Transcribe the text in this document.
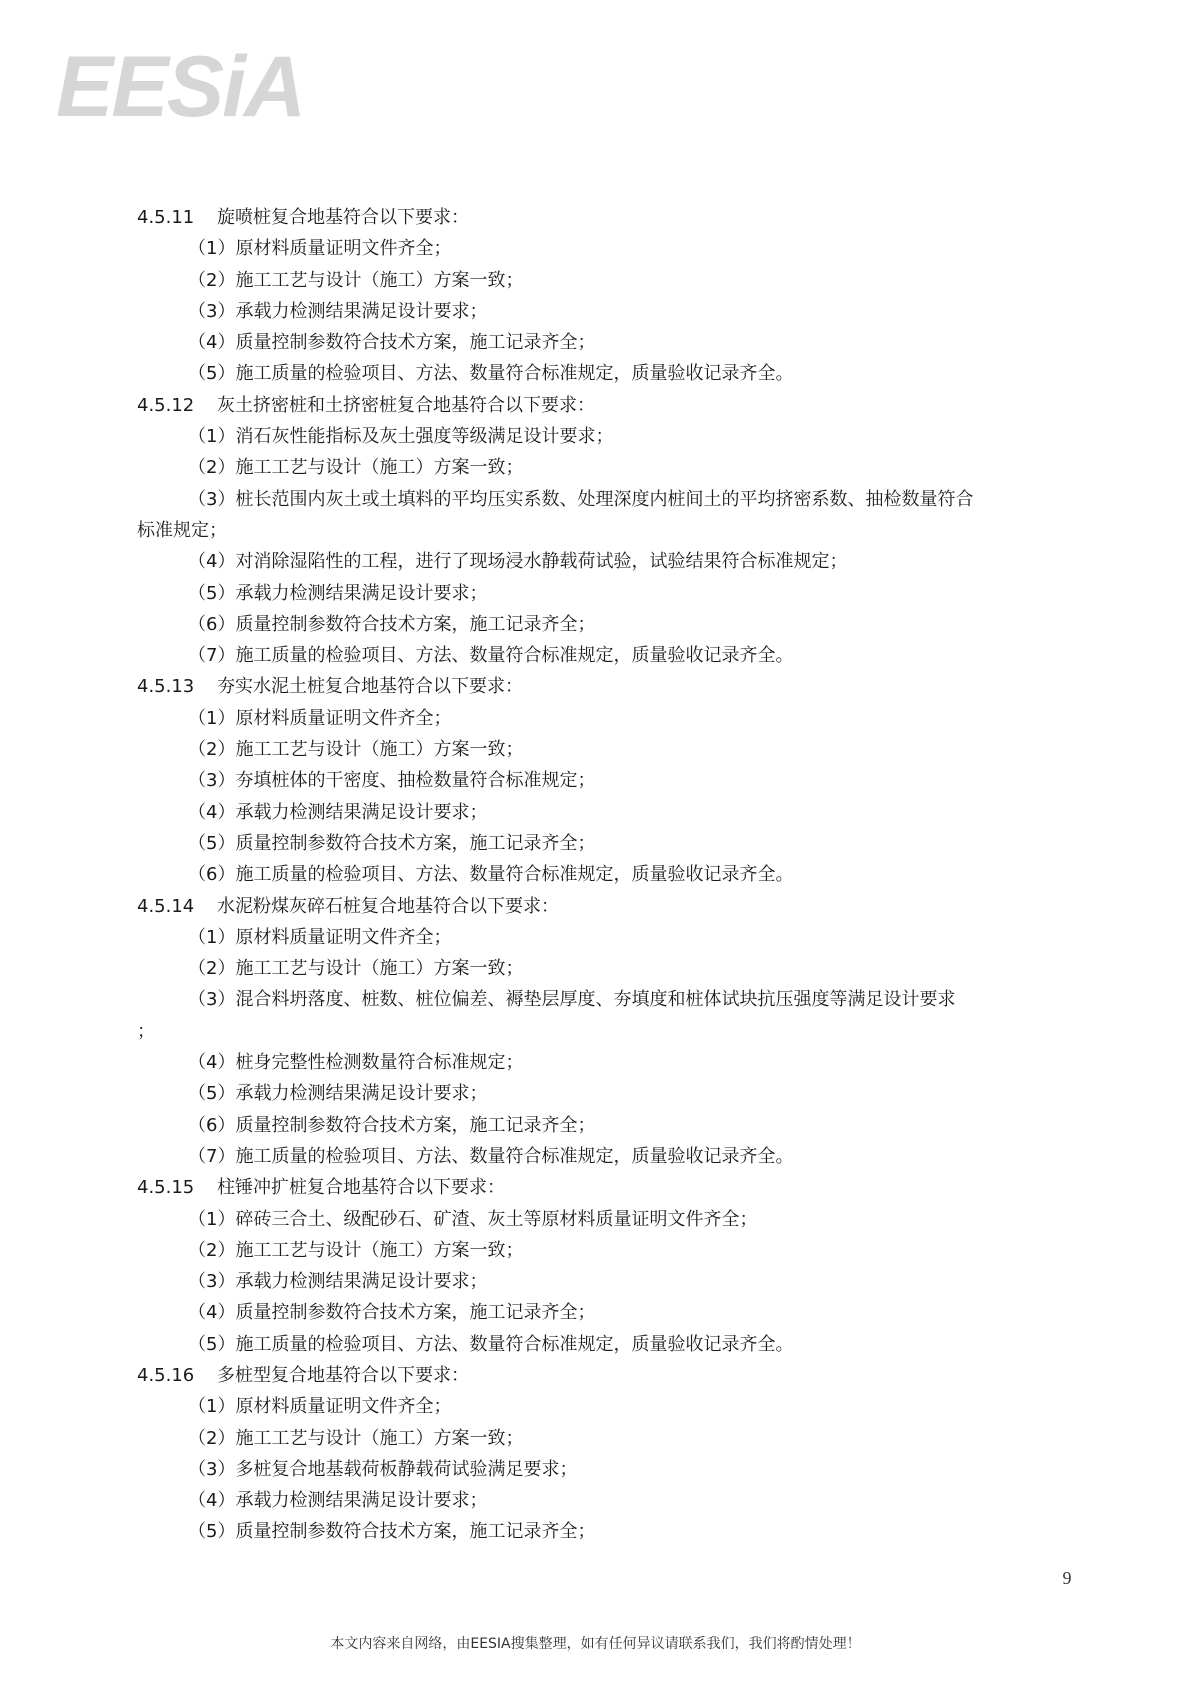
EESiA
4.5.11 旋喷桩复合地基符合以下要求：
（1）原材料质量证明文件齐全；
（2）施工工艺与设计（施工）方案一致；
（3）承载力检测结果满足设计要求；
（4）质量控制参数符合技术方案，施工记录齐全；
（5）施工质量的检验项目、方法、数量符合标准规定，质量验收记录齐全。
4.5.12 灰土挤密桩和土挤密桩复合地基符合以下要求：
（1）消石灰性能指标及灰土强度等级满足设计要求；
（2）施工工艺与设计（施工）方案一致；
（3）桩长范围内灰土或土填料的平均压实系数、处理深度内桩间土的平均挤密系数、抽检数量符合
标准规定；
（4）对消除湿陷性的工程，进行了现场浸水静载荷试验，试验结果符合标准规定；
（5）承载力检测结果满足设计要求；
（6）质量控制参数符合技术方案，施工记录齐全；
（7）施工质量的检验项目、方法、数量符合标准规定，质量验收记录齐全。
4.5.13 夯实水泥土桩复合地基符合以下要求：
（1）原材料质量证明文件齐全；
（2）施工工艺与设计（施工）方案一致；
（3）夯填桩体的干密度、抽检数量符合标准规定；
（4）承载力检测结果满足设计要求；
（5）质量控制参数符合技术方案，施工记录齐全；
（6）施工质量的检验项目、方法、数量符合标准规定，质量验收记录齐全。
4.5.14 水泥粉煤灰碎石桩复合地基符合以下要求：
（1）原材料质量证明文件齐全；
（2）施工工艺与设计（施工）方案一致；
（3）混合料坍落度、桩数、桩位偏差、褥垫层厚度、夯填度和桩体试块抗压强度等满足设计要求
；
（4）桩身完整性检测数量符合标准规定；
（5）承载力检测结果满足设计要求；
（6）质量控制参数符合技术方案，施工记录齐全；
（7）施工质量的检验项目、方法、数量符合标准规定，质量验收记录齐全。
4.5.15 柱锤冲扩桩复合地基符合以下要求：
（1）碎砖三合土、级配砂石、矿渣、灰土等原材料质量证明文件齐全；
（2）施工工艺与设计（施工）方案一致；
（3）承载力检测结果满足设计要求；
（4）质量控制参数符合技术方案，施工记录齐全；
（5）施工质量的检验项目、方法、数量符合标准规定，质量验收记录齐全。
4.5.16 多桩型复合地基符合以下要求：
（1）原材料质量证明文件齐全；
（2）施工工艺与设计（施工）方案一致；
（3）多桩复合地基载荷板静载荷试验满足要求；
（4）承载力检测结果满足设计要求；
（5）质量控制参数符合技术方案，施工记录齐全；
9
本文内容来自网络，由EESIA搜集整理，如有任何异议请联系我们，我们将酌情处理！
